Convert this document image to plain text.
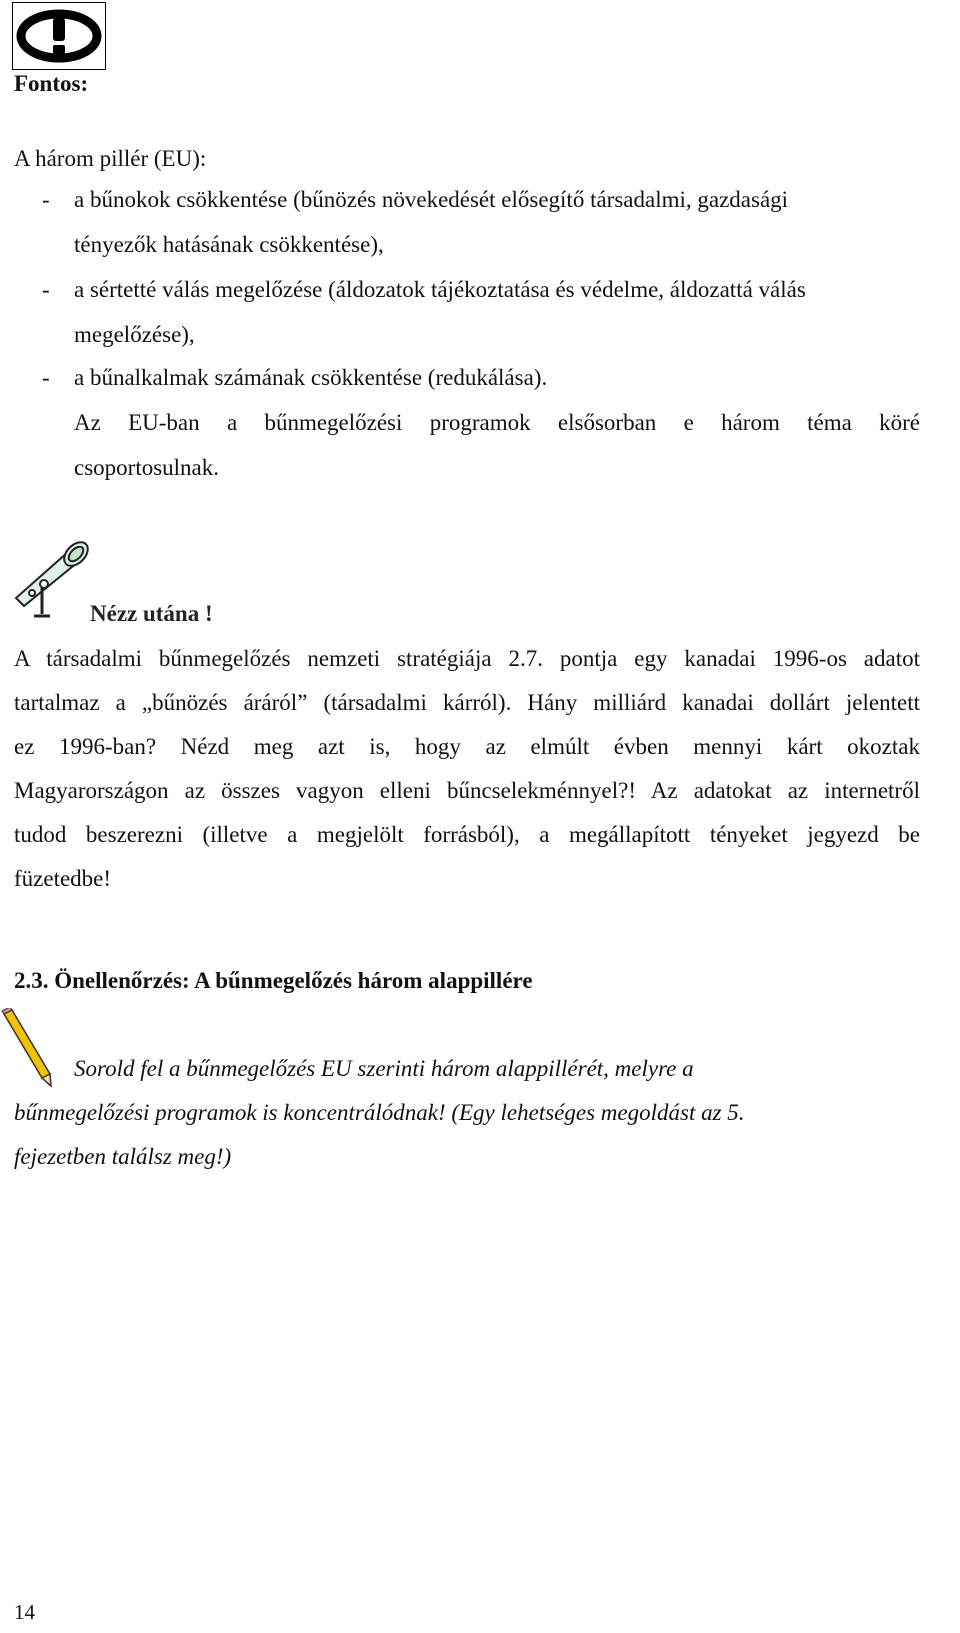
Fontos:
A három pillér (EU):
- a bűnokok csökkentése (bűnözés növekedését elősegítő társadalmi, gazdasági
tényezők hatásának csökkentése),
- a sértetté válás megelőzése (áldozatok tájékoztatása és védelme, áldozattá válás
megelőzése),
- a bűnalkalmak számának csökkentése (redukálása).
Az EU-ban a bűnmegelőzési programok elsősorban e három téma köré
csoportosulnak.
Nézz utána !
A társadalmi bűnmegelőzés nemzeti stratégiája 2.7. pontja egy kanadai 1996-os adatot
tartalmaz a „bűnözés áráról” (társadalmi kárról). Hány milliárd kanadai dollárt jelentett
ez 1996-ban? Nézd meg azt is, hogy az elmúlt évben mennyi kárt okoztak
Magyarországon az összes vagyon elleni bűncselekménnyel?! Az adatokat az internetről
tudod beszerezni (illetve a megjelölt forrásból), a megállapított tényeket jegyezd be
füzetedbe!
2.3. Önellenőrzés: A bűnmegelőzés három alappillére
Sorold fel a bűnmegelőzés EU szerinti három alappillérét, melyre a
bűnmegelőzési programok is koncentrálódnak! (Egy lehetséges megoldást az 5.
fejezetben találsz meg!)
14
